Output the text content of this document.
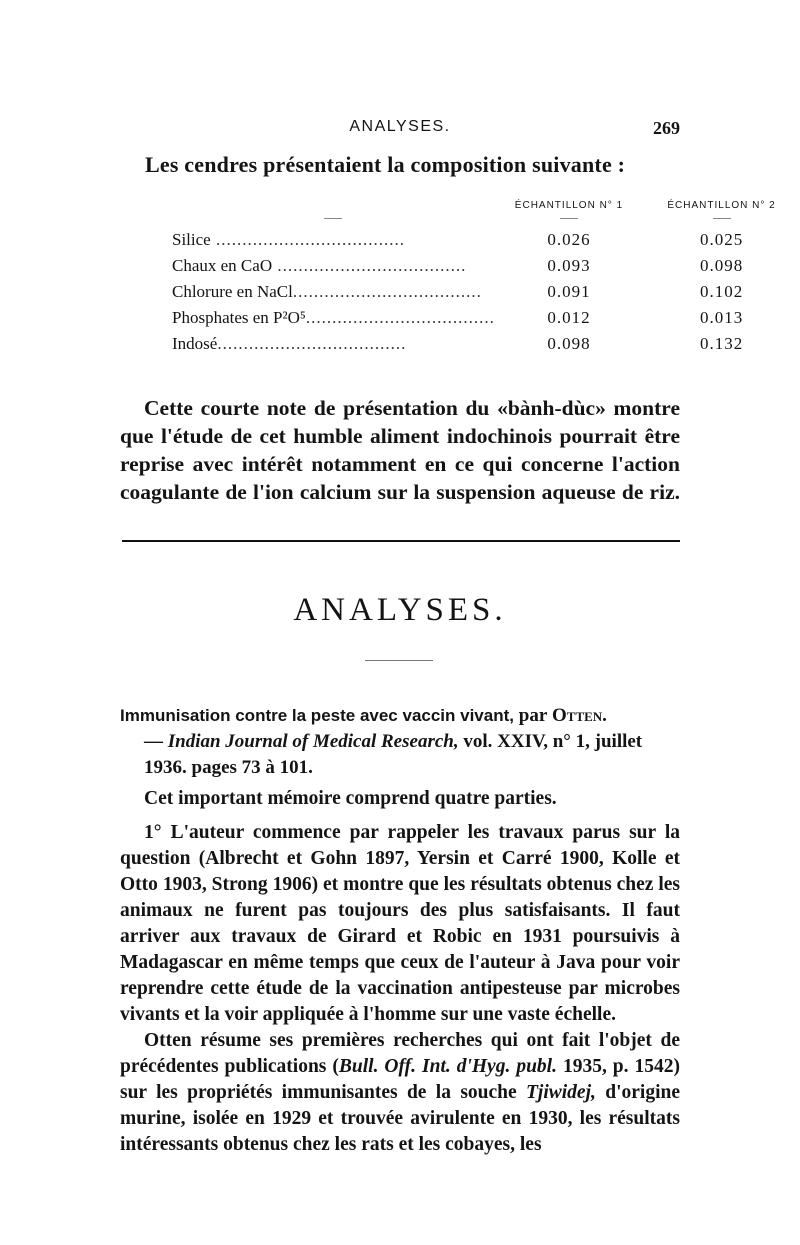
ANALYSES.	269
Les cendres présentaient la composition suivante :
	ÉCHANTILLON N° 1	ÉCHANTILLON N° 2
Silice ....................................	0.026	0.025
Chaux en CaO ....................................	0.093	0.098
Chlorure en NaCl....................................	0.091	0.102
Phosphates en P²O⁵....................................	0.012	0.013
Indosé....................................	0.098	0.132
Cette courte note de présentation du «bành-dùc» montre que l'étude de cet humble aliment indochinois pourrait être reprise avec intérêt notamment en ce qui concerne l'action coagulante de l'ion calcium sur la suspension aqueuse de riz.
ANALYSES.
Immunisation contre la peste avec vaccin vivant, par Otten.
— Indian Journal of Medical Research, vol. XXIV, n° 1, juillet
1936. pages 73 à 101.

Cet important mémoire comprend quatre parties.

1° L'auteur commence par rappeler les travaux parus sur la question (Albrecht et Gohn 1897, Yersin et Carré 1900, Kolle et Otto 1903, Strong 1906) et montre que les résultats obtenus chez les animaux ne furent pas toujours des plus satisfaisants. Il faut arriver aux travaux de Girard et Robic en 1931 poursuivis à Madagascar en même temps que ceux de l'auteur à Java pour voir reprendre cette étude de la vaccination antipesteuse par microbes vivants et la voir appliquée à l'homme sur une vaste échelle.

Otten résume ses premières recherches qui ont fait l'objet de précédentes publications (Bull. Off. Int. d'Hyg. publ. 1935, p. 1542) sur les propriétés immunisantes de la souche Tjiwidej, d'origine murine, isolée en 1929 et trouvée avirulente en 1930, les résultats intéressants obtenus chez les rats et les cobayes, les
